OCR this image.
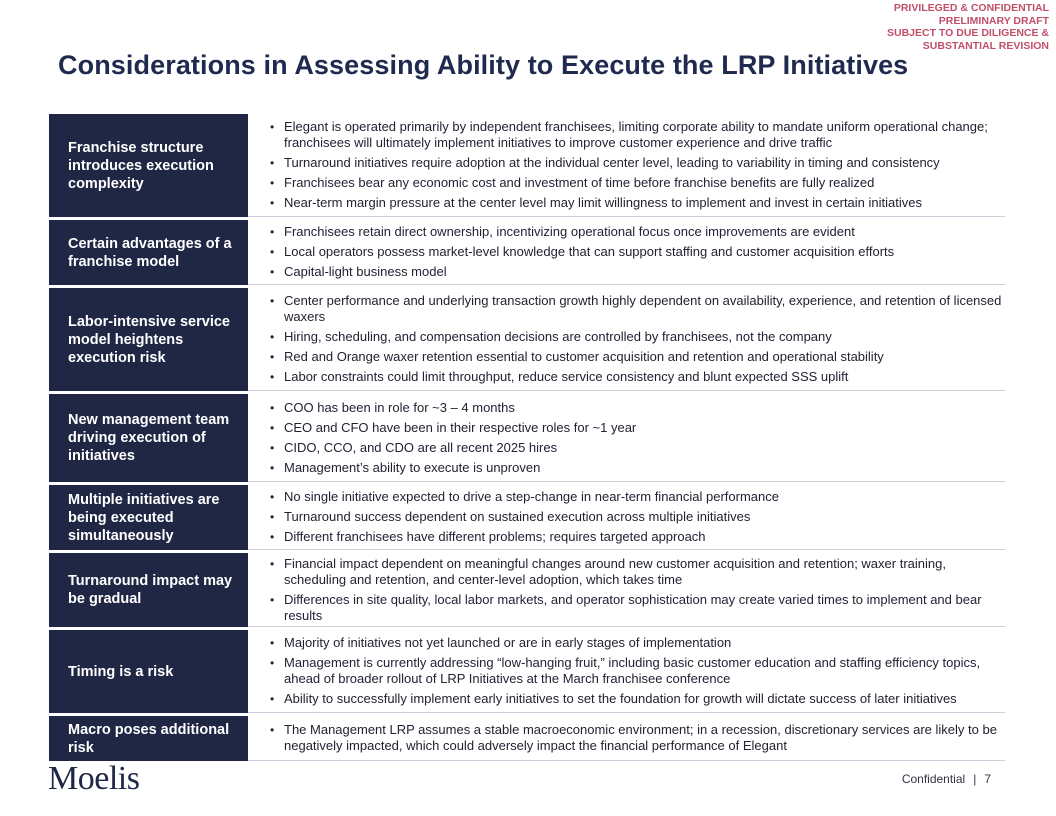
PRIVILEGED & CONFIDENTIAL
PRELIMINARY DRAFT
SUBJECT TO DUE DILIGENCE &
SUBSTANTIAL REVISION
Considerations in Assessing Ability to Execute the LRP Initiatives
Franchise structure introduces execution complexity
• Elegant is operated primarily by independent franchisees, limiting corporate ability to mandate uniform operational change; franchisees will ultimately implement initiatives to improve customer experience and drive traffic
• Turnaround initiatives require adoption at the individual center level, leading to variability in timing and consistency
• Franchisees bear any economic cost and investment of time before franchise benefits are fully realized
• Near-term margin pressure at the center level may limit willingness to implement and invest in certain initiatives
Certain advantages of a franchise model
• Franchisees retain direct ownership, incentivizing operational focus once improvements are evident
• Local operators possess market-level knowledge that can support staffing and customer acquisition efforts
• Capital-light business model
Labor-intensive service model heightens execution risk
• Center performance and underlying transaction growth highly dependent on availability, experience, and retention of licensed waxers
• Hiring, scheduling, and compensation decisions are controlled by franchisees, not the company
• Red and Orange waxer retention essential to customer acquisition and retention and operational stability
• Labor constraints could limit throughput, reduce service consistency and blunt expected SSS uplift
New management team driving execution of initiatives
• COO has been in role for ~3 – 4 months
• CEO and CFO have been in their respective roles for ~1 year
• CIDO, CCO, and CDO are all recent 2025 hires
• Management’s ability to execute is unproven
Multiple initiatives are being executed simultaneously
• No single initiative expected to drive a step-change in near-term financial performance
• Turnaround success dependent on sustained execution across multiple initiatives
• Different franchisees have different problems; requires targeted approach
Turnaround impact may be gradual
• Financial impact dependent on meaningful changes around new customer acquisition and retention; waxer training, scheduling and retention, and center-level adoption, which takes time
• Differences in site quality, local labor markets, and operator sophistication may create varied times to implement and bear results
Timing is a risk
• Majority of initiatives not yet launched or are in early stages of implementation
• Management is currently addressing “low-hanging fruit,” including basic customer education and staffing efficiency topics, ahead of broader rollout of LRP Initiatives at the March franchisee conference
• Ability to successfully implement early initiatives to set the foundation for growth will dictate success of later initiatives
Macro poses additional risk
• The Management LRP assumes a stable macroeconomic environment; in a recession, discretionary services are likely to be negatively impacted, which could adversely impact the financial performance of Elegant
Moelis	Confidential | 7
